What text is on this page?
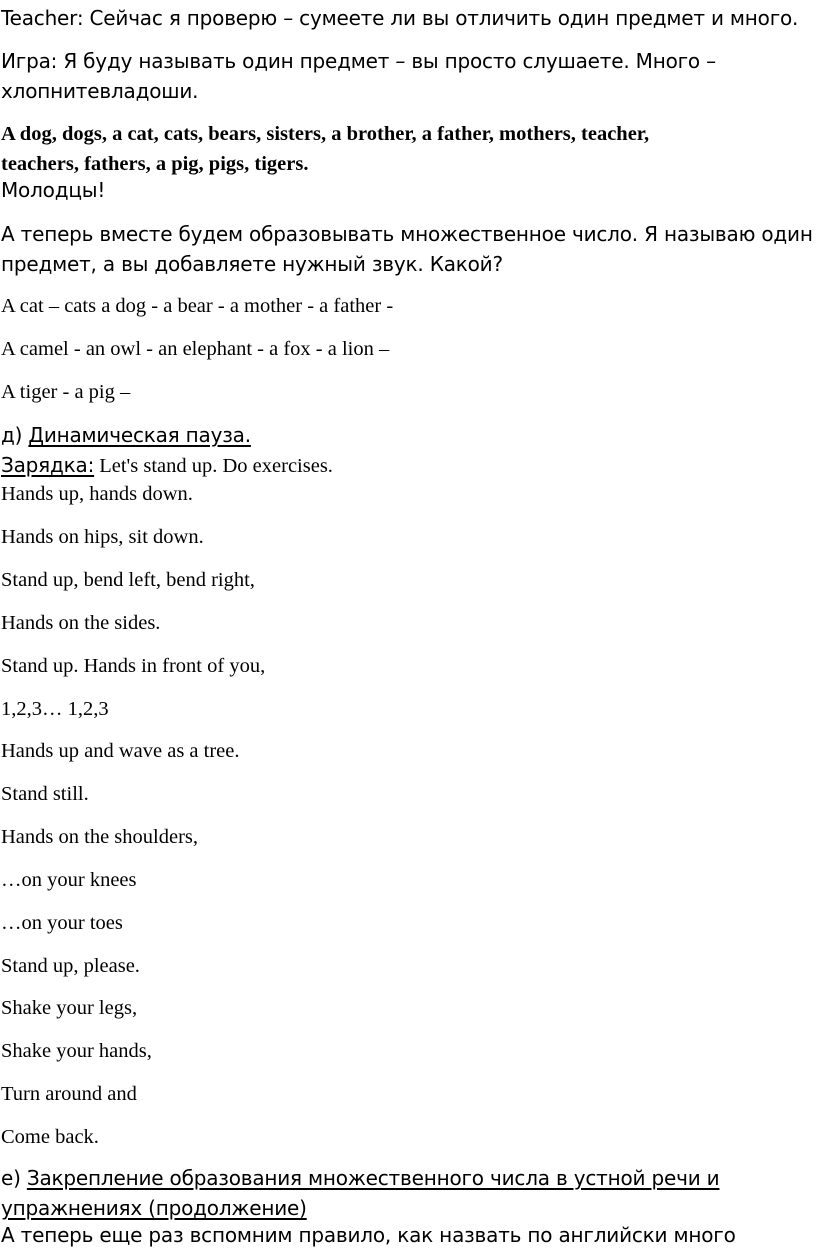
Teacher: Сейчас я проверю – сумеете ли вы отличить один предмет и много.

Игра: Я буду называть один предмет – вы просто слушаете. Много –

хлопнитевладоши.

A dog, dogs, a cat, cats, bears, sisters, a brother, a father, mothers, teacher,

teachers, fathers, a pig, pigs, tigers.

Молодцы!

А теперь вместе будем образовывать множественное число. Я называю один

предмет, а вы добавляете нужный звук. Какой?

A cat – cats a dog - a bear - a mother - a father -

A camel - an owl - an elephant - a fox - a lion –

A tiger - a pig –

д) Динамическая пауза.

Зарядка: Let's stand up. Do exercises.

Hands up, hands down.

Hands on hips, sit down.

Stand up, bend left, bend right,

Hands on the sides.

Stand up. Hands in front of you,

1,2,3… 1,2,3

Hands up and wave as a tree.

Stand still.

Hands on the shoulders,

…on your knees

…on your toes

Stand up, please.

Shake your legs,

Shake your hands,

Turn around and

Come back.

е) Закрепление образования множественного числа в устной речи и

упражнениях (продолжение)

А теперь еще раз вспомним правило, как назвать по английски много
